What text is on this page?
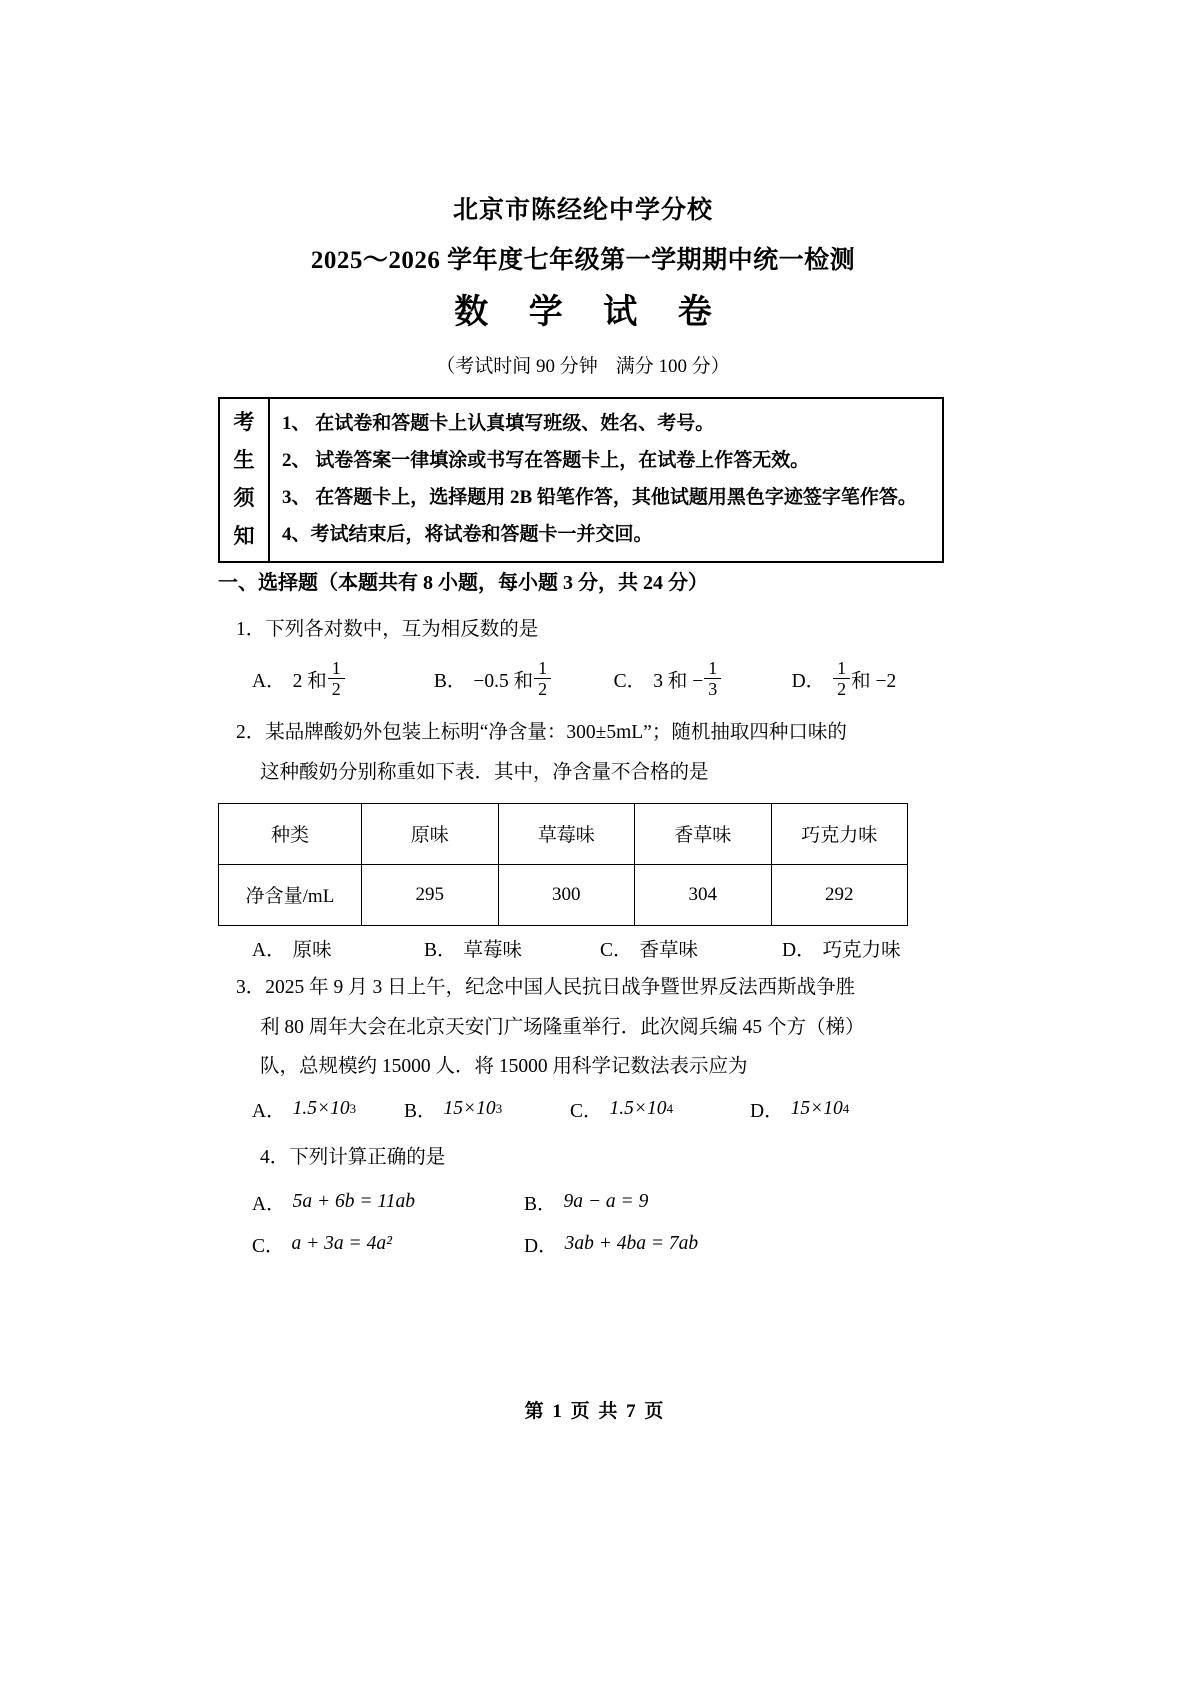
北京市陈经纶中学分校
2025～2026 学年度七年级第一学期期中统一检测
数 学 试 卷
（考试时间 90 分钟 满分 100 分）
考
生
须
知
1、 在试卷和答题卡上认真填写班级、姓名、考号。
2、 试卷答案一律填涂或书写在答题卡上，在试卷上作答无效。
3、 在答题卡上，选择题用 2B 铅笔作答，其他试题用黑色字迹签字笔作答。
4、考试结束后，将试卷和答题卡一并交回。
一、选择题（本题共有 8 小题，每小题 3 分，共 24 分）
1．下列各对数中，互为相反数的是
A． 2 和 $\frac{1}{2}$	B． −0.5 和 $\frac{1}{2}$	C． 3 和 − $\frac{1}{3}$	D． $\frac{1}{2}$ 和 −2
2．某品牌酸奶外包装上标明“净含量：300±5mL”；随机抽取四种口味的
这种酸奶分别称重如下表．其中，净含量不合格的是
种类	原味	草莓味	香草味	巧克力味
净含量/mL	295	300	304	292
A． 原味	B． 草莓味	C． 香草味	D． 巧克力味
3．2025 年 9 月 3 日上午，纪念中国人民抗日战争暨世界反法西斯战争胜
利 80 周年大会在北京天安门广场隆重举行．此次阅兵编 45 个方（梯）
队，总规模约 15000 人．将 15000 用科学记数法表示应为
A． 1.5×10 3 B． 15×10 3	C． 1.5×10 4	D． 15×10 4
4．下列计算正确的是
A． 5a + 6b = 11ab	B． 9a − a = 9
C． a + 3a = 4a²	D． 3ab + 4ba = 7ab
第 1 页 共 7 页
